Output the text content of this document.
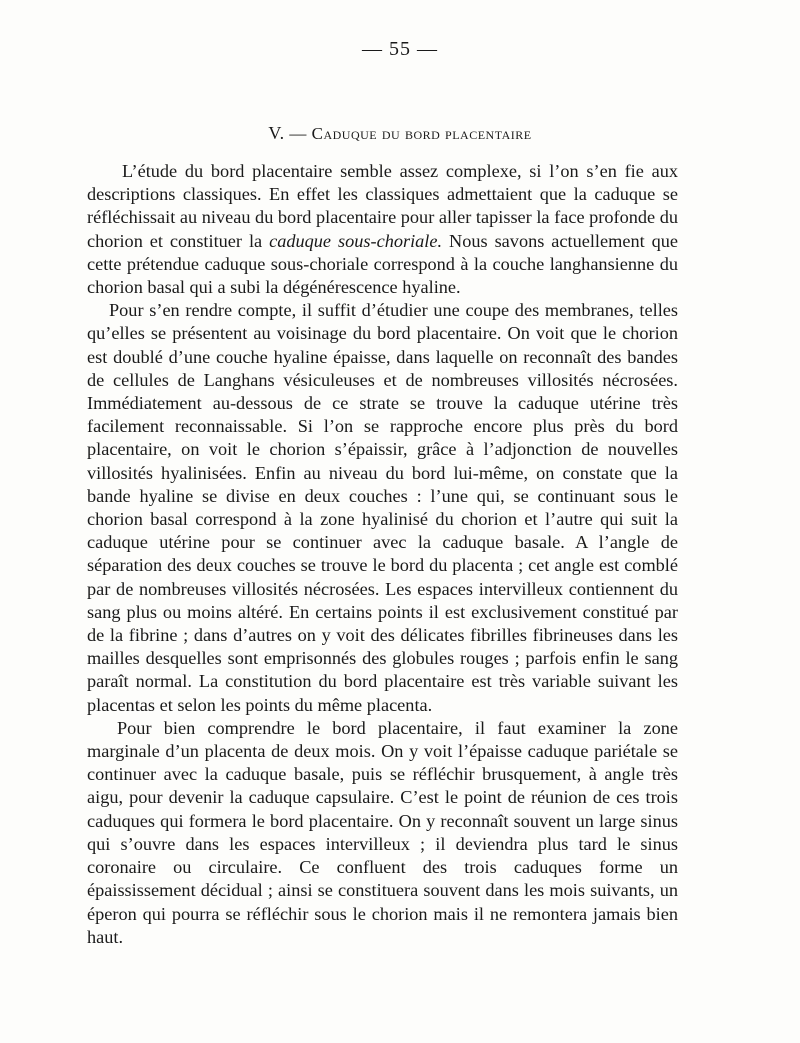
— 55 —
V. — Caduque du bord placentaire

L’étude du bord placentaire semble assez complexe, si l’on s’en fie aux descriptions classiques. En effet les classiques admettaient que la caduque se réfléchissait au niveau du bord placentaire pour aller tapisser la face profonde du chorion et constituer la caduque sous-choriale. Nous savons actuellement que cette prétendue caduque sous-choriale correspond à la couche langhansienne du chorion basal qui a subi la dégénérescence hyaline.

Pour s’en rendre compte, il suffit d’étudier une coupe des membranes, telles qu’elles se présentent au voisinage du bord placentaire. On voit que le chorion est doublé d’une couche hyaline épaisse, dans laquelle on reconnaît des bandes de cellules de Langhans vésiculeuses et de nombreuses villosités nécrosées. Immédiatement au-dessous de ce strate se trouve la caduque utérine très facilement reconnaissable. Si l’on se rapproche encore plus près du bord placentaire, on voit le chorion s’épaissir, grâce à l’adjonction de nouvelles villosités hyalinisées. Enfin au niveau du bord lui-même, on constate que la bande hyaline se divise en deux couches : l’une qui, se continuant sous le chorion basal correspond à la zone hyalinisé du chorion et l’autre qui suit la caduque utérine pour se continuer avec la caduque basale. A l’angle de séparation des deux couches se trouve le bord du placenta ; cet angle est comblé par de nombreuses villosités nécrosées. Les espaces intervilleux contiennent du sang plus ou moins altéré. En certains points il est exclusivement constitué par de la fibrine ; dans d’autres on y voit des délicates fibrilles fibrineuses dans les mailles desquelles sont emprisonnés des globules rouges ; parfois enfin le sang paraît normal. La constitution du bord placentaire est très variable suivant les placentas et selon les points du même placenta.

Pour bien comprendre le bord placentaire, il faut examiner la zone marginale d’un placenta de deux mois. On y voit l’épaisse caduque pariétale se continuer avec la caduque basale, puis se réfléchir brusquement, à angle très aigu, pour devenir la caduque capsulaire. C’est le point de réunion de ces trois caduques qui formera le bord placentaire. On y reconnaît souvent un large sinus qui s’ouvre dans les espaces intervilleux ; il deviendra plus tard le sinus coronaire ou circulaire. Ce confluent des trois caduques forme un épaississement décidual ; ainsi se constituera souvent dans les mois suivants, un éperon qui pourra se réfléchir sous le chorion mais il ne remontera jamais bien haut.
